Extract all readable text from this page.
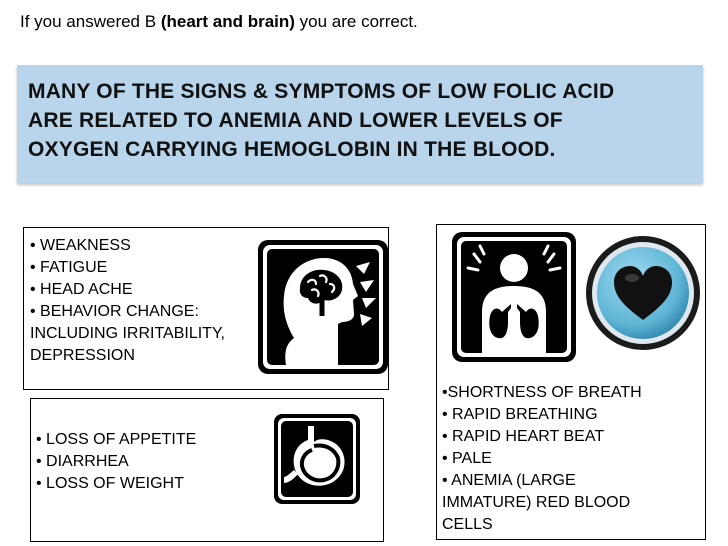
If you answered B (heart and brain) you are correct.
MANY OF THE SIGNS & SYMPTOMS OF LOW FOLIC ACID
ARE RELATED TO ANEMIA AND LOWER LEVELS OF
OXYGEN CARRYING HEMOGLOBIN IN THE BLOOD.
• WEAKNESS
• FATIGUE
• HEAD ACHE
• BEHAVIOR CHANGE:
INCLUDING IRRITABILITY,
DEPRESSION
• LOSS OF APPETITE
• DIARRHEA
• LOSS OF WEIGHT
•SHORTNESS OF BREATH
• RAPID BREATHING
• RAPID HEART BEAT
• PALE
• ANEMIA (LARGE
IMMATURE) RED BLOOD
CELLS
